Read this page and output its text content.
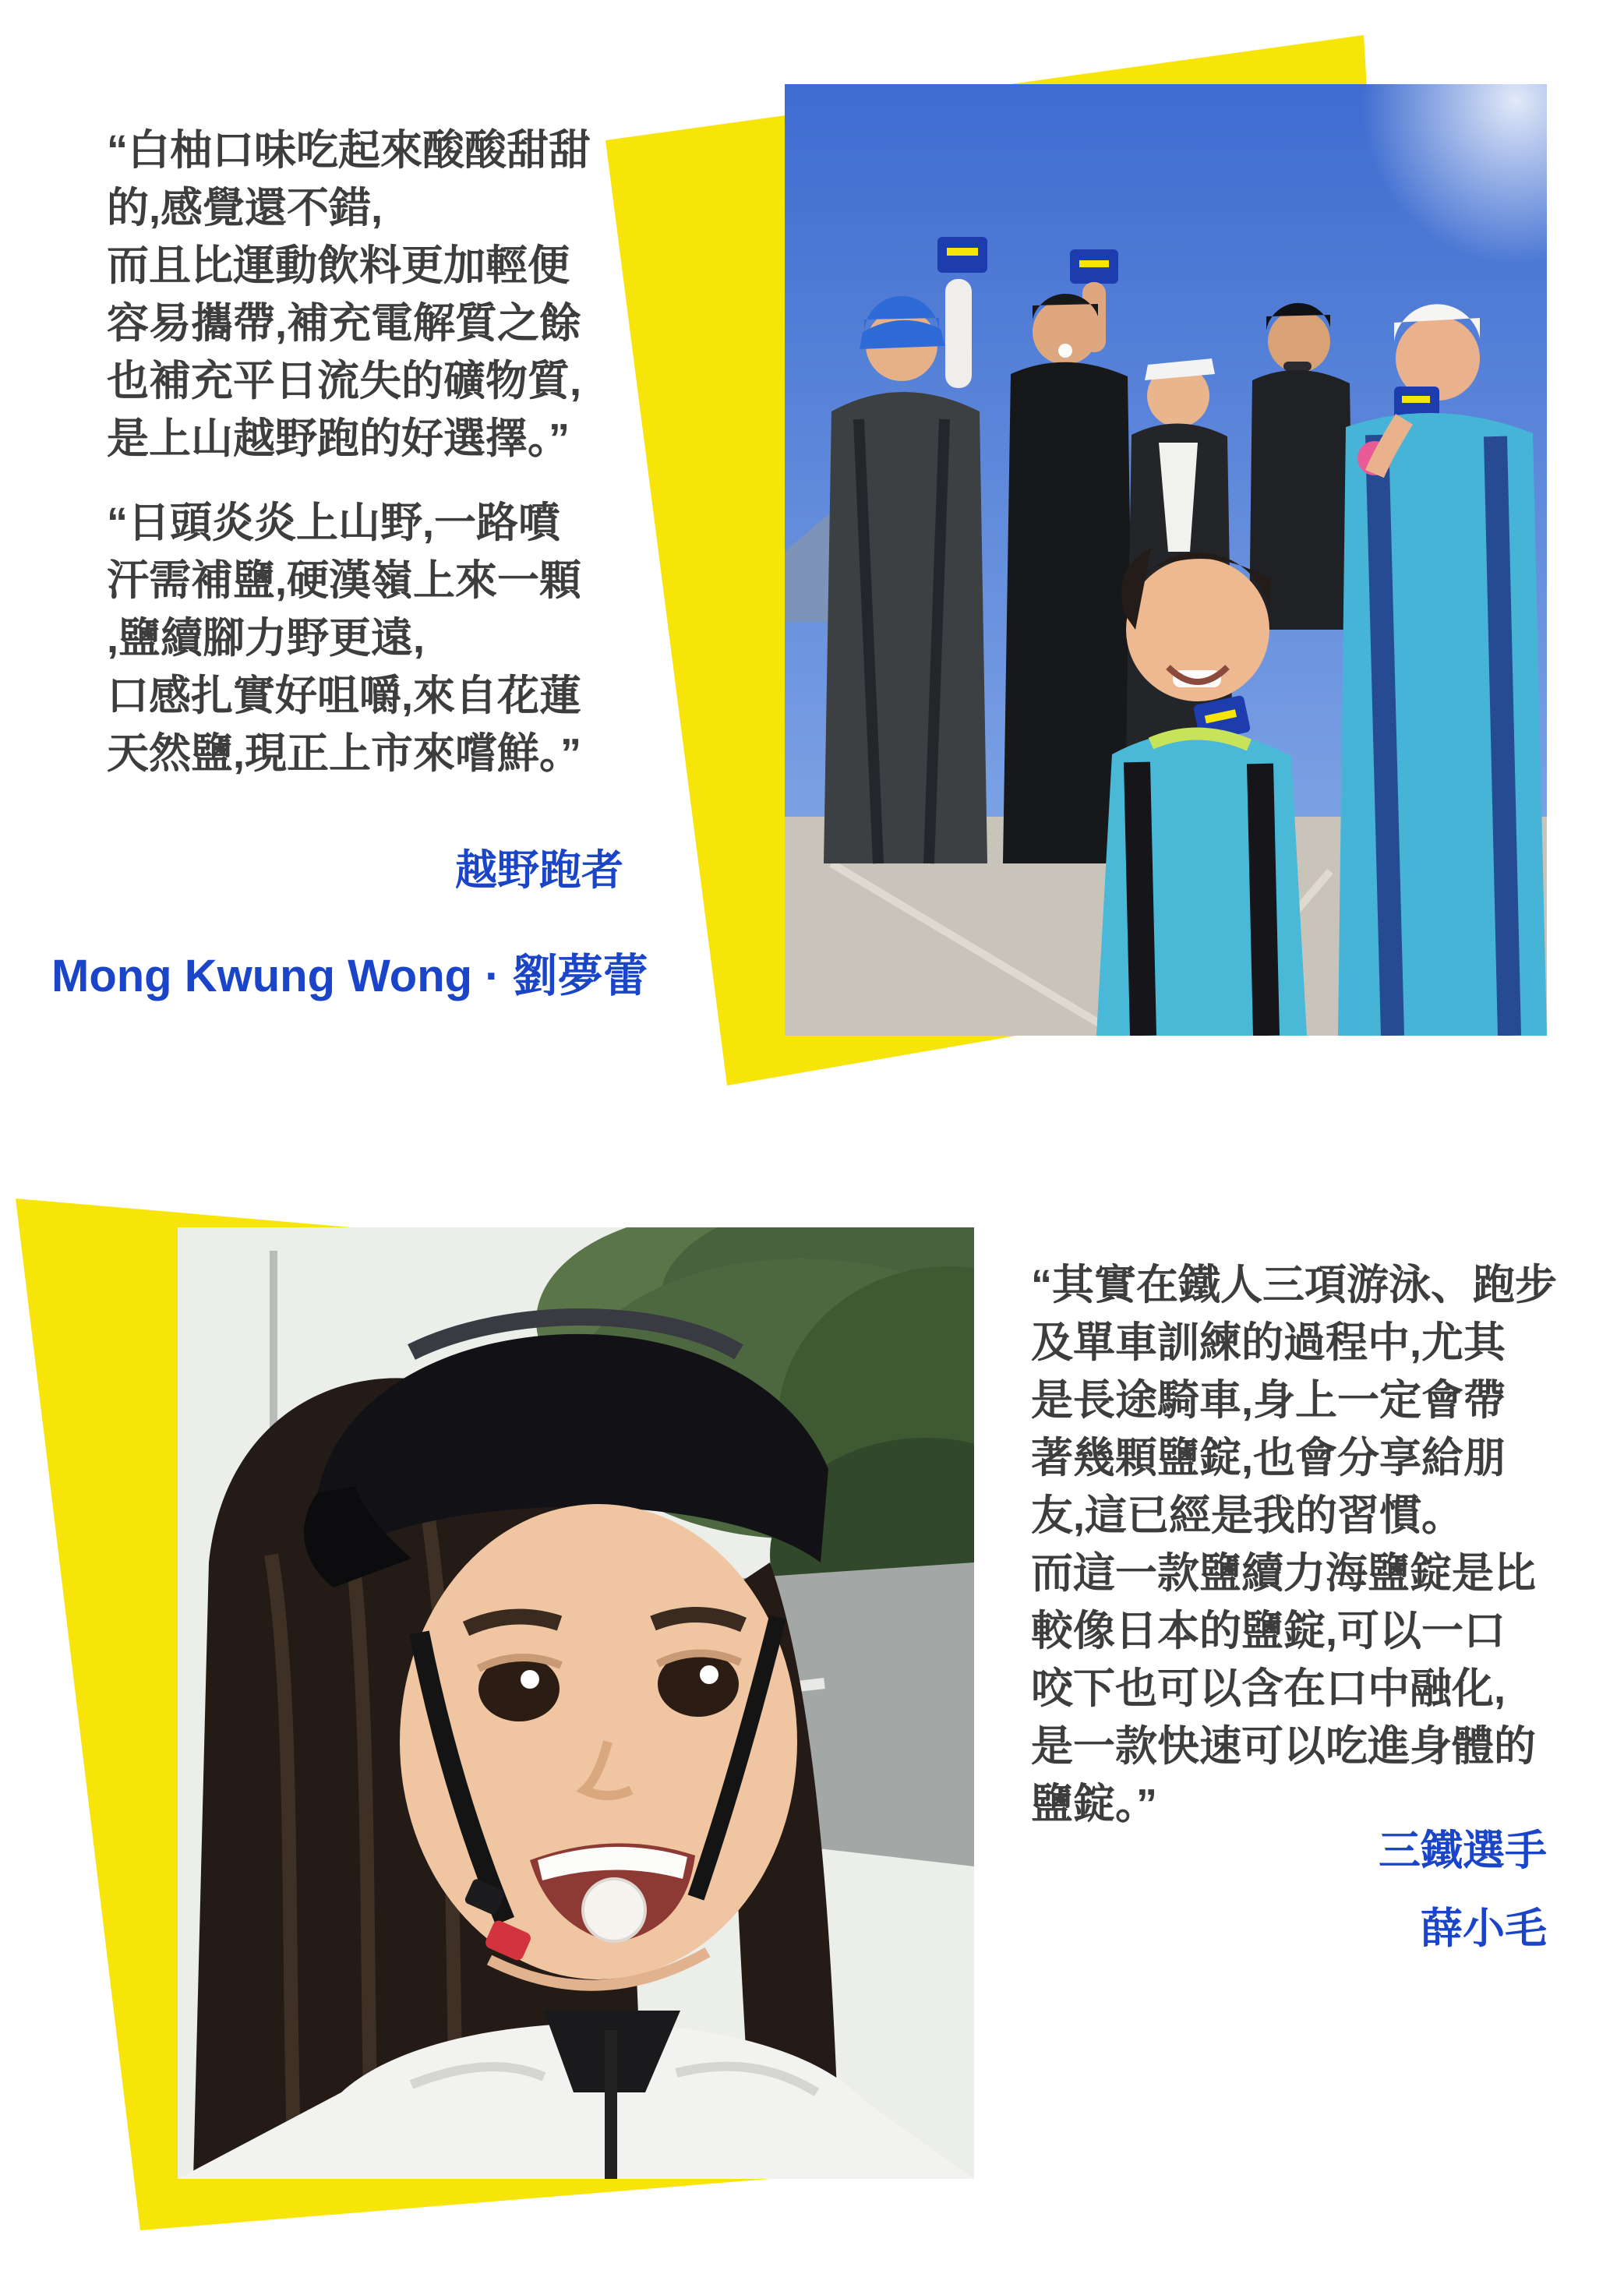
“白柚口味吃起來酸酸甜甜
的,感覺還不錯,
而且比運動飲料更加輕便
容易攜帶,補充電解質之餘
也補充平日流失的礦物質,
是上山越野跑的好選擇。”
“日頭炎炎上山野,一路噴
汗需補鹽,硬漢嶺上來一顆
,鹽續腳力野更遠,
口感扎實好咀嚼,來自花蓮
天然鹽,現正上市來嚐鮮。”
越野跑者
Mong Kwung Wong · 劉夢蕾
“其實在鐵人三項游泳、跑步
及單車訓練的過程中,尤其
是長途騎車,身上一定會帶
著幾顆鹽錠,也會分享給朋
友,這已經是我的習慣。
而這一款鹽續力海鹽錠是比
較像日本的鹽錠,可以一口
咬下也可以含在口中融化,
是一款快速可以吃進身體的
鹽錠。”
三鐵選手
薛小毛
